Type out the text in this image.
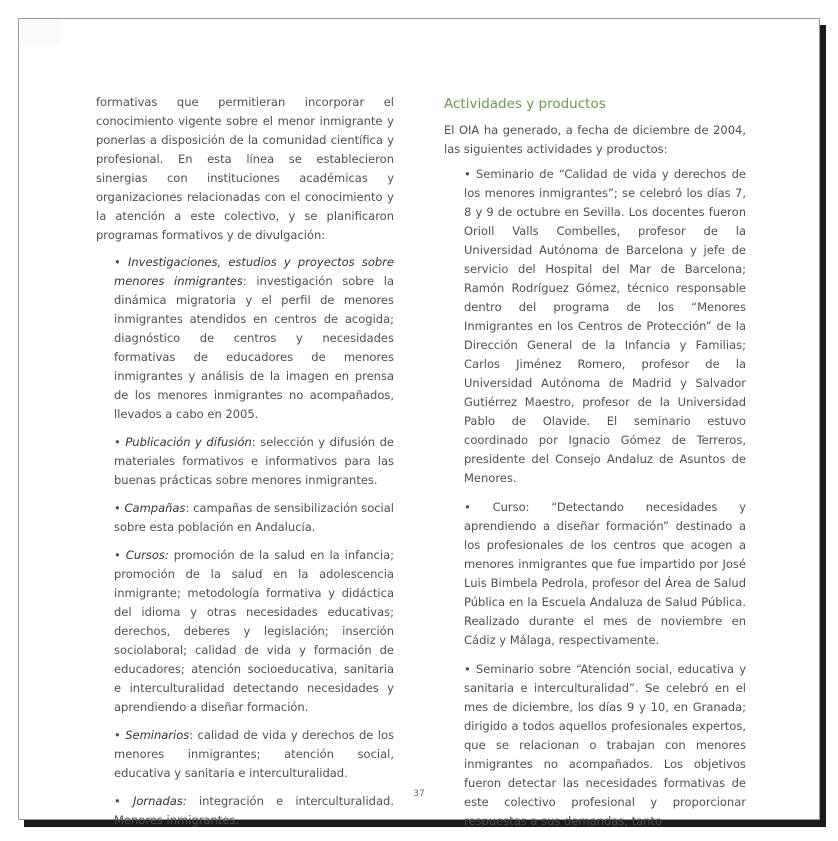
formativas que permitieran incorporar el conocimiento vigente sobre el menor inmigrante y ponerlas a disposición de la comunidad científica y profesional. En esta línea se establecieron sinergias con instituciones académicas y organizaciones relacionadas con el conocimiento y la atención a este colectivo, y se planificaron programas formativos y de divulgación:

• Investigaciones, estudios y proyectos sobre menores inmigrantes: investigación sobre la dinámica migratoria y el perfil de menores inmigrantes atendidos en centros de acogida; diagnóstico de centros y necesidades formativas de educadores de menores inmigrantes y análisis de la imagen en prensa de los menores inmigrantes no acompañados, llevados a cabo en 2005.
• Publicación y difusión: selección y difusión de materiales formativos e informativos para las buenas prácticas sobre menores inmigrantes.
• Campañas: campañas de sensibilización social sobre esta población en Andalucía.
• Cursos: promoción de la salud en la infancia; promoción de la salud en la adolescencia inmigrante; metodología formativa y didáctica del idioma y otras necesidades educativas; derechos, deberes y legislación; inserción sociolaboral; calidad de vida y formación de educadores; atención socioeducativa, sanitaria e interculturalidad detectando necesidades y aprendiendo a diseñar formación.
• Seminarios: calidad de vida y derechos de los menores inmigrantes; atención social, educativa y sanitaria e interculturalidad.
• Jornadas: integración e interculturalidad. Menores inmigrantes.
Actividades y productos

El OIA ha generado, a fecha de diciembre de 2004, las siguientes actividades y productos:

• Seminario de “Calidad de vida y derechos de los menores inmigrantes”; se celebró los días 7, 8 y 9 de octubre en Sevilla. Los docentes fueron Orioll Valls Combelles, profesor de la Universidad Autónoma de Barcelona y jefe de servicio del Hospital del Mar de Barcelona; Ramón Rodríguez Gómez, técnico responsable dentro del programa de los “Menores Inmigrantes en los Centros de Protección” de la Dirección General de la Infancia y Familias; Carlos Jiménez Romero, profesor de la Universidad Autónoma de Madrid y Salvador Gutiérrez Maestro, profesor de la Universidad Pablo de Olavide. El seminario estuvo coordinado por Ignacio Gómez de Terreros, presidente del Consejo Andaluz de Asuntos de Menores.
• Curso: “Detectando necesidades y aprendiendo a diseñar formación” destinado a los profesionales de los centros que acogen a menores inmigrantes que fue impartido por José Luis Bimbela Pedrola, profesor del Área de Salud Pública en la Escuela Andaluza de Salud Pública. Realizado durante el mes de noviembre en Cádiz y Málaga, respectivamente.
• Seminario sobre “Atención social, educativa y sanitaria e interculturalidad”. Se celebró en el mes de diciembre, los días 9 y 10, en Granada; dirigido a todos aquellos profesionales expertos, que se relacionan o trabajan con menores inmigrantes no acompañados. Los objetivos fueron detectar las necesidades formativas de este colectivo profesional y proporcionar respuestas a sus demandas, tanto
37
